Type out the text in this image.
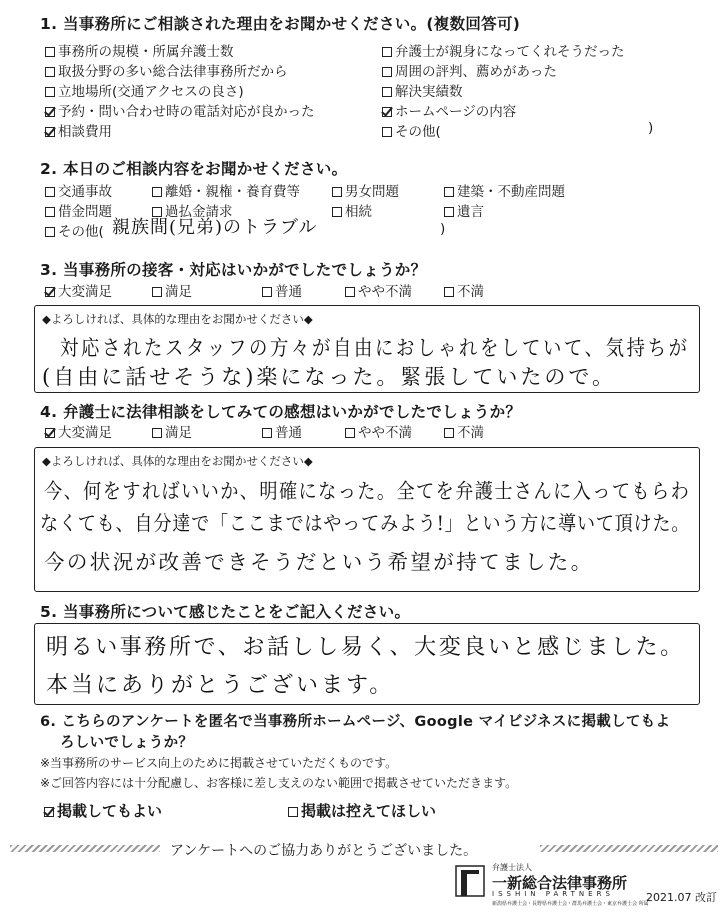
1. 当事務所にご相談された理由をお聞かせください。(複数回答可)
事務所の規模・所属弁護士数
取扱分野の多い総合法律事務所だから
立地場所(交通アクセスの良さ)
予約・問い合わせ時の電話対応が良かった
相談費用
弁護士が親身になってくれそうだった
周囲の評判、薦めがあった
解決実績数
ホームページの内容
その他(	)
2. 本日のご相談内容をお聞かせください。
交通事故	離婚・親権・養育費等	男女問題	建築・不動産問題
借金問題	過払金請求	相続	遺言
その他( 親族間(兄弟)のトラブル	)
3. 当事務所の接客・対応はいかがでしたでしょうか？
大変満足	満足	普通	やや不満	不満
◆よろしければ、具体的な理由をお聞かせください◆
対応されたスタッフの方々が自由におしゃれをしていて、気持ちが
(自由に話せそうな)楽になった。緊張していたので。
4. 弁護士に法律相談をしてみての感想はいかがでしたでしょうか？
大変満足	満足	普通	やや不満	不満
◆よろしければ、具体的な理由をお聞かせください◆
今、何をすればいいか、明確になった。全てを弁護士さんに入ってもらわ
なくても、自分達で「ここまではやってみよう!」という方に導いて頂けた。
今の状況が改善できそうだという希望が持てました。
5. 当事務所について感じたことをご記入ください。
明るい事務所で、お話しし易く、大変良いと感じました。
本当にありがとうございます。
6. こちらのアンケートを匿名で当事務所ホームページ、Google マイビジネスに掲載してもよ
ろしいでしょうか？
※当事務所のサービス向上のために掲載させていただくものです。
※ご回答内容には十分配慮し、お客様に差し支えのない範囲で掲載させていただきます。
掲載してもよい	掲載は控えてほしい
アンケートへのご協力ありがとうございました。
弁護士法人
一新総合法律事務所
ISSHIN PARTNERS
新潟県弁護士会・長野県弁護士会・群馬弁護士会・東京弁護士会 所属
2021.07 改訂
